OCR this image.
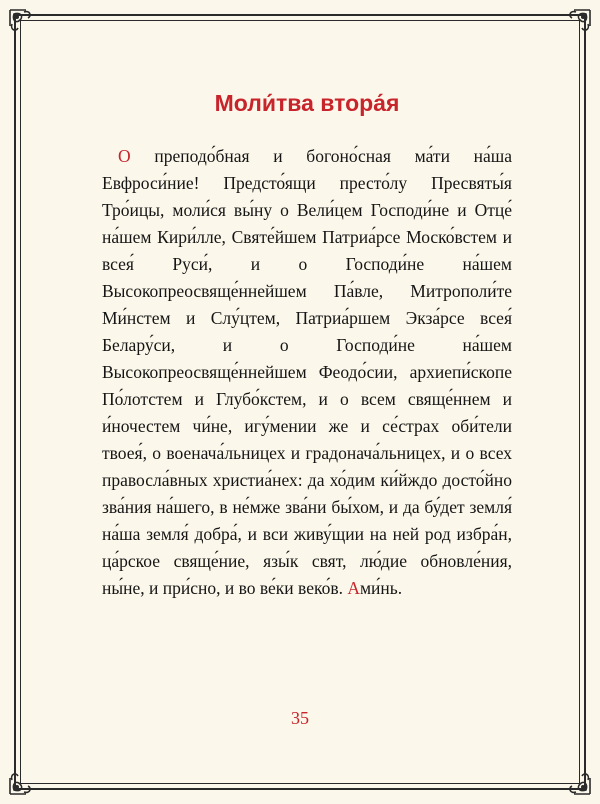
Моли́тва втора́я

О преподо́бная и богоно́сная ма́ти на́ша Евфроси́ние! Предсто́ящи престо́лу Пресвяты́я Тро́ицы, моли́ся вы́ну о Вели́цем Господи́не и Отце́ на́шем Кири́лле, Святе́йшем Патриа́рсе Моско́встем и всея́ Руси́, и о Господи́не на́шем Высокопреосвяще́ннейшем Па́вле, Митрополи́те Ми́нстем и Слу́цтем, Патриа́ршем Экза́рсе всея́ Белару́си, и о Господи́не на́шем Высокопреосвяще́ннейшем Феодо́сии, архиепи́скопе По́лотстем и Глубо́кстем, и о всем свяще́ннем и и́ночестем чи́не, игу́мении же и се́страх оби́тели твоея́, о военача́льницех и градонача́льницех, и о всех правосла́вных христиа́нех: да хо́дим ки́йждо досто́йно зва́ния на́шего, в не́мже зва́ни бы́хом, и да бу́дет земля́ на́ша земля́ добра́, и вси живу́щии на ней род избра́н, ца́рское свяще́ние, язы́к свят, лю́дие обновле́ния, ны́не, и при́сно, и во ве́ки веко́в. Ами́нь.

35
